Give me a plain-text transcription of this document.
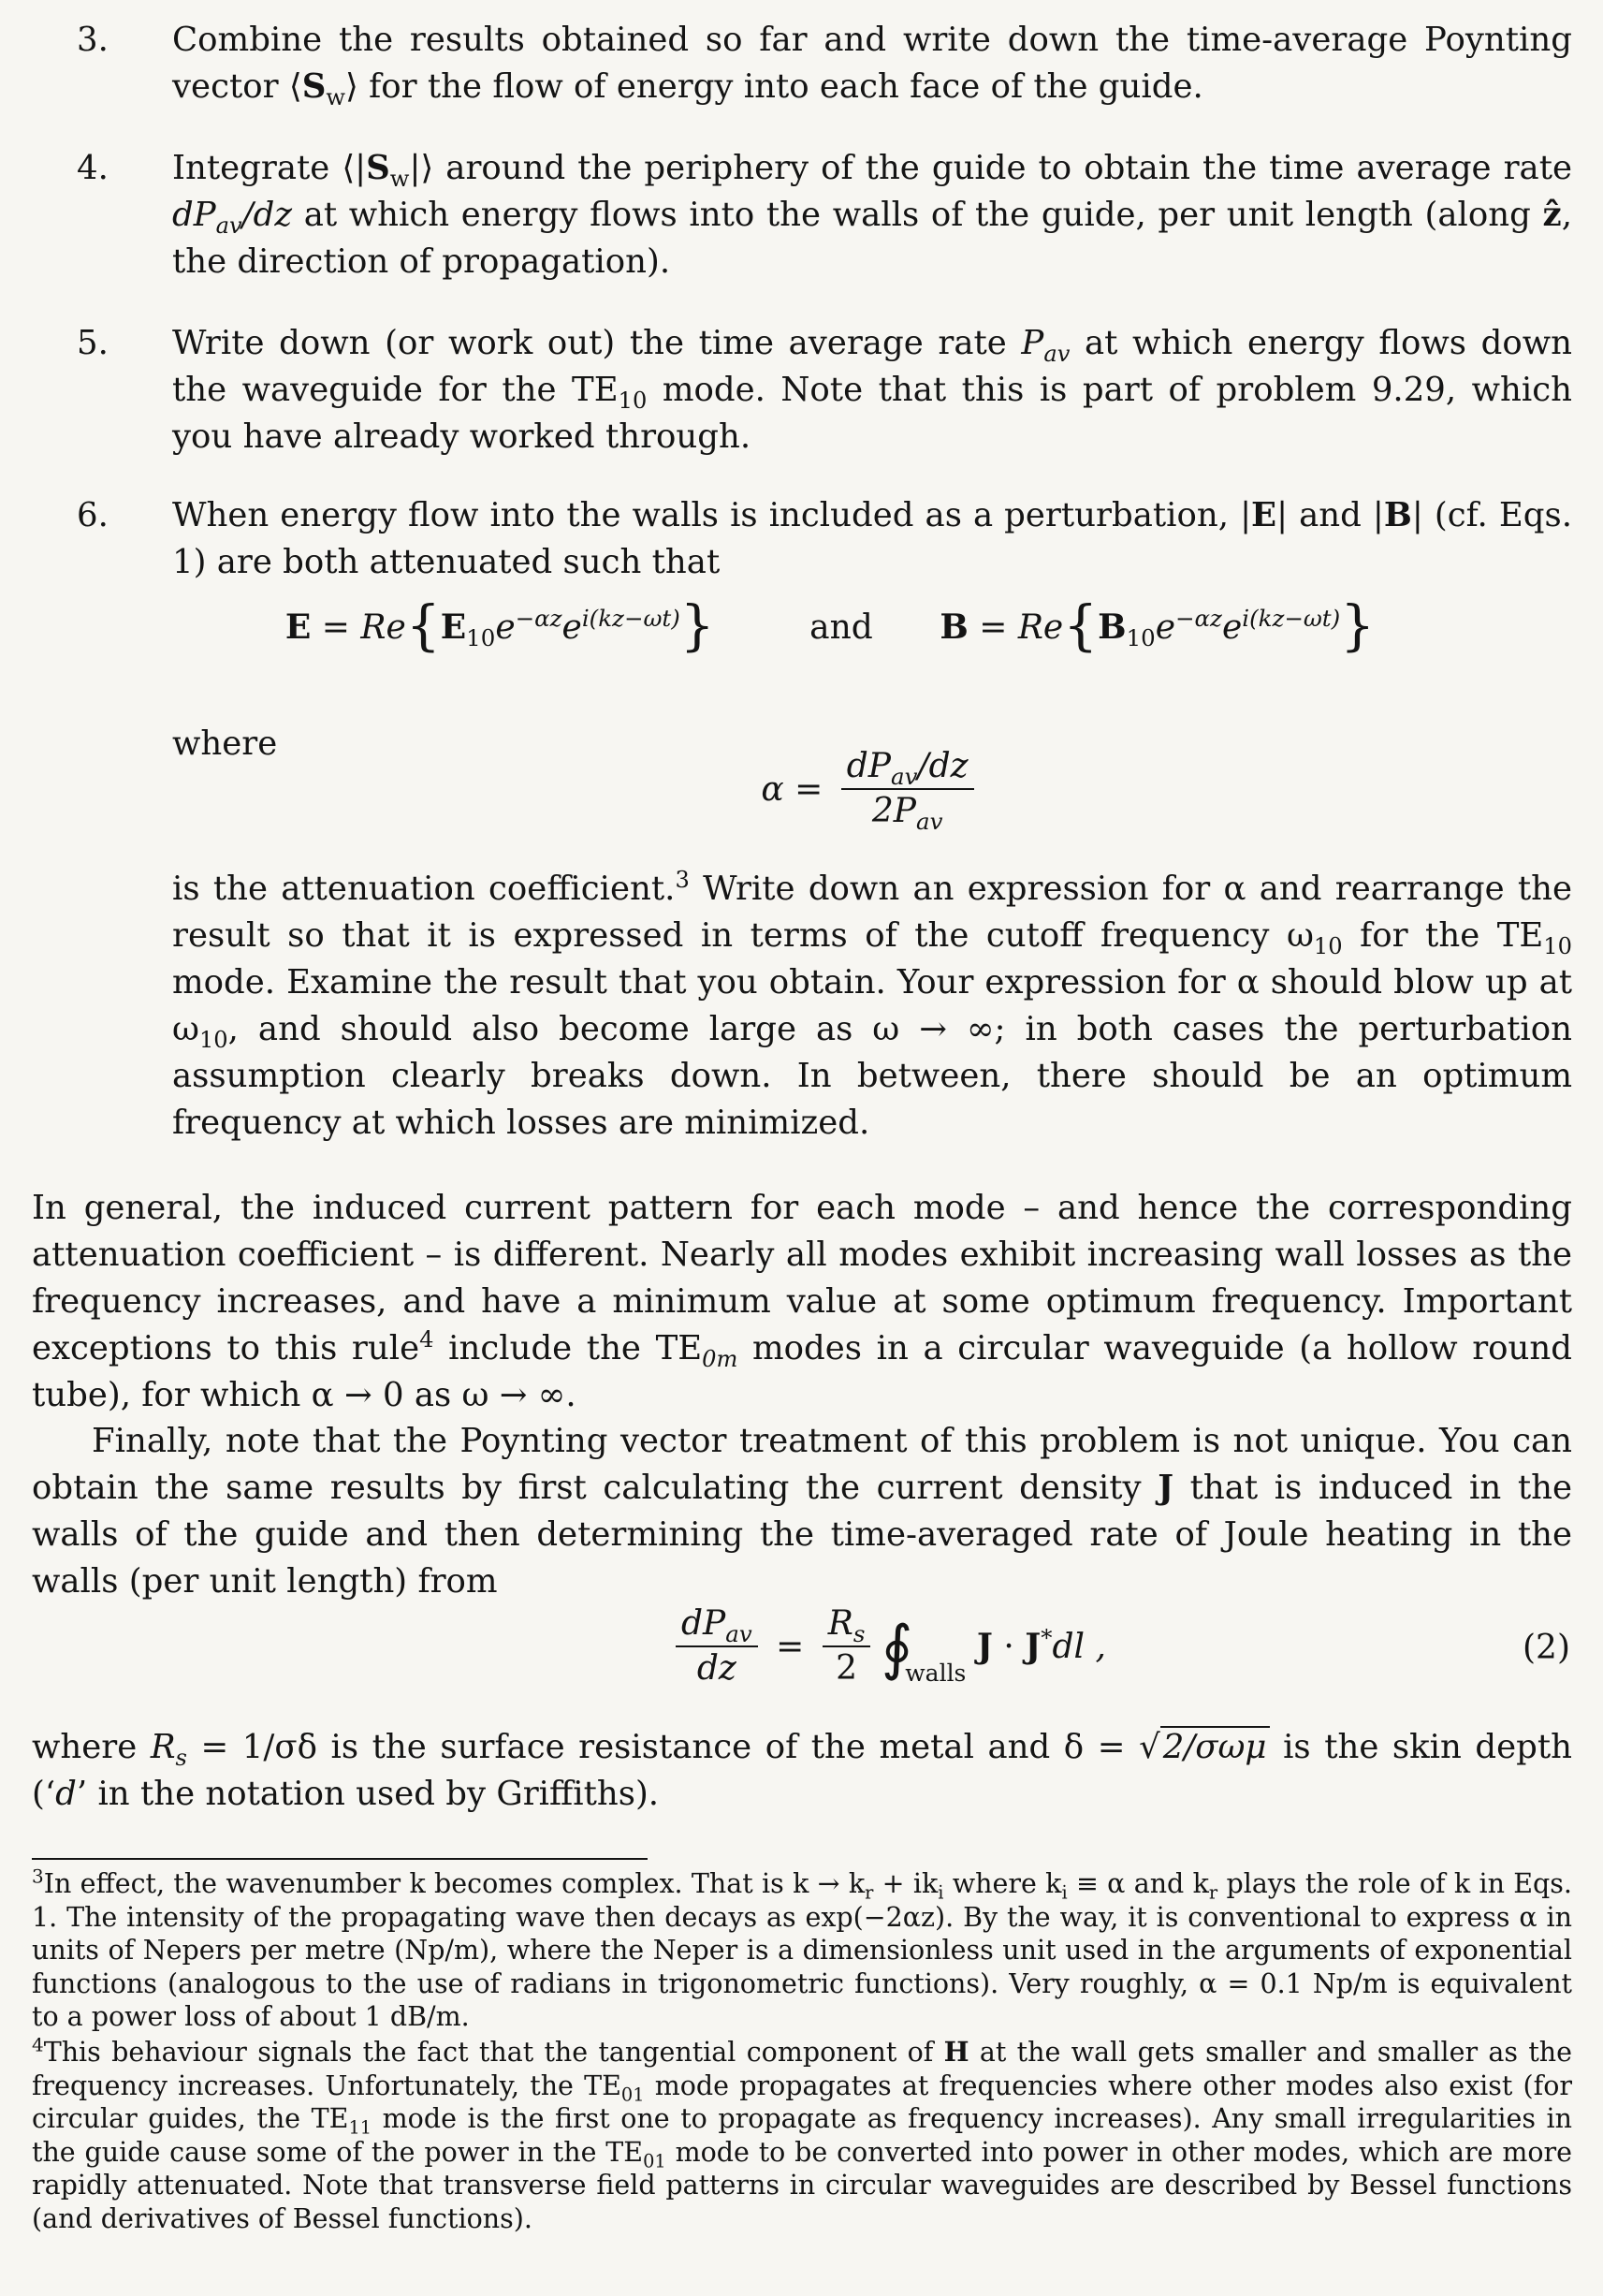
3. Combine the results obtained so far and write down the time-average Poynting vector $⟨S_w⟩$ for the flow of energy into each face of the guide.
4. Integrate $⟨|S_w|⟩$ around the periphery of the guide to obtain the time average rate $dP_{av}/dz$ at which energy flows into the walls of the guide, per unit length (along ẑ, the direction of propagation).
5. Write down (or work out) the time average rate $P_{av}$ at which energy flows down the waveguide for the $TE_{10}$ mode. Note that this is part of problem 9.29, which you have already worked through.
6. When energy flow into the walls is included as a perturbation, |E| and |B| (cf. Eqs. 1) are both attenuated such that
$E = Re\{E_{10}e^{-\alpha z}e^{i(kz-\omega t)}\}$	and $B = Re\{B_{10}e^{-\alpha z}e^{i(kz-\omega t)}\}$
where
$\alpha = \frac{dP_{av}/dz}{2P_{av}}$
is the attenuation coefficient.$^3$ Write down an expression for α and rearrange the result so that it is expressed in terms of the cutoff frequency $\omega_{10}$ for the $TE_{10}$ mode. Examine the result that you obtain. Your expression for α should blow up at $\omega_{10}$, and should also become large as ω → ∞; in both cases the perturbation assumption clearly breaks down. In between, there should be an optimum frequency at which losses are minimized.
In general, the induced current pattern for each mode – and hence the corresponding attenuation coefficient – is different. Nearly all modes exhibit increasing wall losses as the frequency increases, and have a minimum value at some optimum frequency. Important exceptions to this rule$^4$ include the $TE_{0m}$ modes in a circular waveguide (a hollow round tube), for which α → 0 as ω → ∞.
Finally, note that the Poynting vector treatment of this problem is not unique. You can obtain the same results by first calculating the current density J that is induced in the walls of the guide and then determining the time-averaged rate of Joule heating in the walls (per unit length) from
$\frac{dP_{av}}{dz} = \frac{R_s}{2}$ $∮_{walls}$ J · J*dl ,	(2)
where $R_s = 1/\sigma\delta$ is the surface resistance of the metal and δ = √2/σωμ is the skin depth (‘d’ in the notation used by Griffiths).
$^3$In effect, the wavenumber k becomes complex. That is $k \to k_r + ik_i$ where $k_i \equiv \alpha$ and $k_r$ plays the role of k in Eqs. 1. The intensity of the propagating wave then decays as exp(−2αz). By the way, it is conventional to express α in units of Nepers per metre (Np/m), where the Neper is a dimensionless unit used in the arguments of exponential functions (analogous to the use of radians in trigonometric functions). Very roughly, α = 0.1 Np/m is equivalent to a power loss of about 1 dB/m.
$^4$This behaviour signals the fact that the tangential component of H at the wall gets smaller and smaller as the frequency increases. Unfortunately, the $TE_{01}$ mode propagates at frequencies where other modes also exist (for circular guides, the $TE_{11}$ mode is the first one to propagate as frequency increases). Any small irregularities in the guide cause some of the power in the $TE_{01}$ mode to be converted into power in other modes, which are more rapidly attenuated. Note that transverse field patterns in circular waveguides are described by Bessel functions (and derivatives of Bessel functions).
